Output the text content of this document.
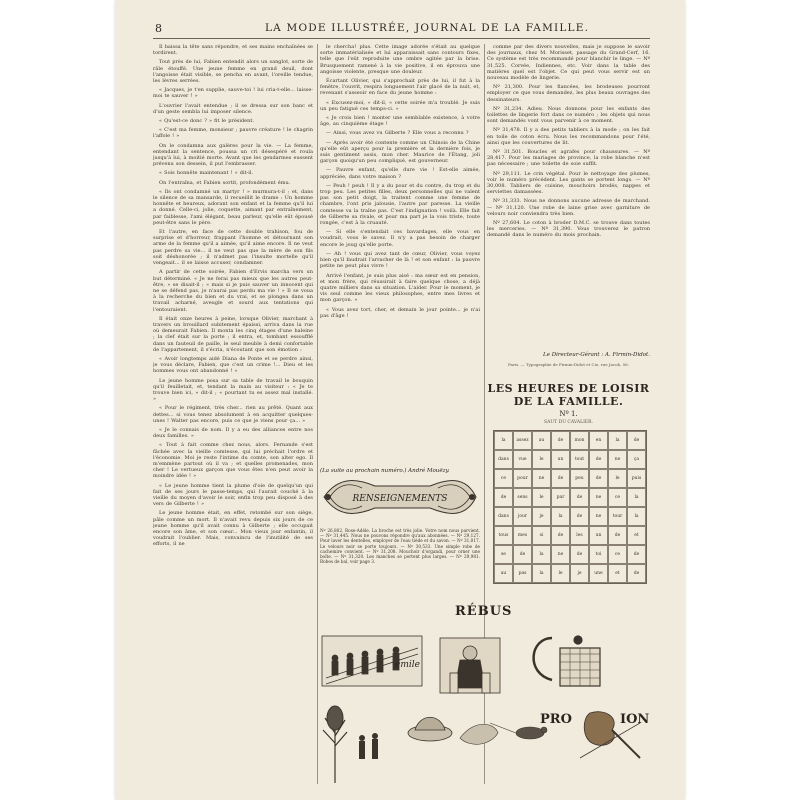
8	LA MODE ILLUSTRÉE, JOURNAL DE LA FAMILLE.

Il baissa la tête sans répondre, et ses mains enchaînées se tordirent.

Tout près de lui, Fabien entendit alors un sanglot, sorte de râle étouffé. Une jeune femme en grand deuil, dont l'angoisse était visible, se pencha en avant, l'oreille tendue, les lèvres serrées.

« Jacques, je t'en supplie, sauve-toi ! lui cria-t-elle... laisse-moi te sauver ! »

L'ouvrier l'avait entendue ; il se dressa sur son banc et d'un geste sembla lui imposer silence.

« Qu'est-ce donc ? » fit le président.

« C'est ma femme, monsieur ; pauvre créature ! le chagrin l'affole ! »

On le condamna aux galères pour la vie. — La femme, entendant la sentence, poussa un cri désespéré et roula jusqu'à lui, à moitié morte. Avant que les gendarmes eussent prévenu son dessein, il put l'embrasser.

« Sois honnête maintenant ! » dit-il.

On l'entraîna, et Fabien sortit, profondément ému.

« Ils ont condamné un martyr ! » murmura-t-il ; et, dans le silence de sa mansarde, il recueillit le drame : Un homme honnête et heureux, adorant son enfant et la femme qu'il lui a donné. Celle-ci, jolie, coquette, aimant par entraînement, par faiblesse, l'ami élégant, beau parleur, qu'elle eût épousé peut-être sans le père.

Et l'autre, en face de cette double trahison, fou de surprise et d'horreur, frappant l'homme et détournant son arme de la femme qu'il a aimée, qu'il aime encore. Il ne veut pas perdre sa vie... il ne veut pas que la mère de son fils soit déshonorée ; il n'admet pas l'insulte mortelle qu'il vengeait... il se laisse accuser, condamner.

A partir de cette soirée, Fabien d'Ervis marcha vers un but déterminé. « Je ne ferai pas mieux que les autres peut-être, » se disait-il ; « mais si je puis sauver un innocent qui ne se défend pas, je n'aurai pas perdu ma vie ! » Il se voua à la recherche du bien et du vrai, et se plongea dans un travail acharné, aveugle et sourd aux tentations qui l'entouraient.

Il était onze heures à peine, lorsque Olivier, marchant à travers un brouillard subitement épaissi, arriva dans la rue où demeurait Fabien. Il monta les cinq étages d'une haleine ; la clef était sur la porte ; il entra, et, tombant essoufflé dans un fauteuil de paille, le seul meuble à demi confortable de l'appartement, il s'écria, n'écoutant que son émotion :

« Avoir longtemps aidé Diana de Ponte et se perdre ainsi, je vous déclare, Fabien, que c'est un crime !... Dieu et les hommes vous ont abandonné ! »

Le jeune homme posa sur sa table de travail le bouquin qu'il feuilletait, et, tendant la main au visiteur : « Je te trouve bien ici, » dit-il ; « pourtant tu es assez mal installé. »

« Pour le régiment, très cher... rien au prêté. Quant aux dettes... si vous tenez absolument à en acquitter quelques-unes ! Walter pas encore, puis ce que je viens pour ça... »

« Je le connais de nom. Il y a eu des alliances entre nos deux familles. »

« Tout à fait comme chez nous, alors. Fernande s'est fâchée avec la vieille comtesse, qui lui préchait l'ordre et l'économie. Moi je reste l'intime du comte, son alter ego. Il m'emmène partout où il va ; et quelles promenades, mon cher ! Le vertueux garçon que vous êtes n'en peut avoir la moindre idée ! »

« Le jeune homme tient la plume d'oie de quelqu'un qui fait de ses jours le passe-temps, qui l'aurait couché à la vieille du moyen d'avoir le soir, enfin trop peu disposé à des vers de Gilberte ! »

Le jeune homme était, en effet, retombé sur son siège, pâle comme un mort. Il n'avait revu depuis six jours de ce jeune homme qu'il avait connu à Gilberte ; elle occupait encore son âme, et son cœur... Mon vieux jour enfantin, il voudrait l'oublier. Mais, convaincu de l'inutilité de ses efforts, il ne

le chercha! plus. Cette image adorée s'était au quelque sorte immatérialisée et lui apparaissait sans contours fixes, telle que l'eût reproduite une ombre agitée par la brise. Brusquement ramené à la vie positive, il en éprouva une angoisse violente, presque une douleur.

Écartant Olivier, qui s'approchait près de lui, il fut à la fenêtre, l'ouvrit, respira longuement l'air glacé de la nuit, et, revenant s'asseoir en face du jeune homme :

« Excusez-moi, » dit-il, « cette soirée m'a troublé. Je suis un peu fatigué ces temps-ci. »

« Je crois bien ! monter une semblable existence, à votre âge, au cinquième étage !

— Ainsi, vous avez vu Gilberte ? Elle vous a reconnu ?

— Après avoir été contente comme un Chinois de la Chine qu'elle eût aperçu pour la première et la dernière fois, je suis gentiment assis, mon cher. Maurice de l'Étang, joli garçon quoiqu'un peu compliqué, est gouverneur.

— Pauvre enfant, qu'elle dure vie ! Est-elle aimée, appréciée, dans votre maison ?

— Peuh ! peuh ! Il y a du pour et du contre, du trop et du trop peu. Les petites filles, deux personnelles qui ne valent pas son petit doigt, la traitent comme une femme de chambre, l'ont pris jalousie, l'autre par paresse. La vieille comtesse va la traîne pas. C'est l'indignation ! voilà. Elle fait de Gilberte sa rivale, et pour ma part je la vois triste, toute rongée, c'est à la cruauté.

— Si elle s'entendait ces bavardages, elle vous en voudrait, vous le savez. Il n'y a pas besoin de charger encore le joug qu'elle porte.

— Ah ! vous qui avez tant de cœur, Olivier, vous voyez bien qu'il faudrait l'arracher de là ! et son enfant : la pauvre petite ne peut plus vivre !

Arrivé l'enfant, je suis plus aisé : ma sœur est en pension, et mon frère, qui réussirait à faire quelque chose, a déjà quatre milliers dans sa situation. L'aider. Pour le moment, je vis seul comme les vieux philosophes, entre mes livres et mon garçon. »

« Vous avez tort, cher, et demain le jour pointe... je n'ai pas d'âge !

(La suite au prochain numéro.) André Mouëzy.

comme par des divers nouvelles, mais je suppose le savoir des journaux, chez M. Morisset, passage du Grand-Cerf, 16. Ce système est très recommandé pour blanchir le linge. — Nº 31,525. Corvée, Indiennes, etc. Voir dans la table des matières quel est l'objet. Ce qui peut vous servir est un nouveau modèle de lingerie.

Nº 21,300. Pour les fiancées, les brodeuses pourront employer ce que vous demandez, les plus beaux ouvrages des dessinateurs.

Nº 31,234. Adieu. Nous donnons pour les enfants des toilettes de lingerie fort dans ce numéro ; les objets qui nous sont demandés vont vous parvenir à ce moment.

Nº 31,478. Il y a des petits tabliers à la mode ; on les fait en toile de coton écru. Nous les recommandons pour l'été, ainsi que les couvertures de lit.

Nº 31,501. Boucles et agrafes pour chaussures. — Nº 28,417. Pour les mariages de province, la robe blanche n'est pas nécessaire ; une toilette de soie suffit.

Nº 29,111. Le crin végétal. Pour le nettoyage des plumes, voir le numéro précédent. Les gants se portent longs. — Nº 30,008. Tabliers de cuisine, mouchoirs brodés, nappes et serviettes damassées.

Nº 31,333. Nous ne donnons aucune adresse de marchand. — Nº 31,120. Une robe de laine grise avec garniture de velours noir conviendra très bien.

Nº 27,604. Le coton à broder D.M.C. se trouve dans toutes les merceries. — Nº 31,390. Vous trouverez le patron demandé dans le numéro du mois prochain.

Le Directeur-Gérant : A. Firmin-Didot.
Paris. — Typographie de Firmin-Didot et Cie, rue Jacob, 56.
LES HEURES DE LOISIR
DE LA FAMILLE.
Nº 1.
SAUT DU CAVALIER.
la	assez	au	de	mon	en	la	de
dans	vue	le	un	tout	de	ne	ça
ce	pour	ne	de	peu	de	le	puis
de	sens	le	par	de	ne	ce	la
dans	jour	je	la	de	ne	tour	la
tous	mes	si	de	les	un	de	et
se	de	la	ne	de	toi	ce	de
au	pas	la	le	je	une	et	de
RENSEIGNEMENTS
Nº 26,802, Rose-Adèle. La broche est très jolie. Votre nom nous parvient. — Nº 31,445. Nous ne pouvons répondre qu'aux abonnées. — Nº 29,127. Pour laver les dentelles, employer de l'eau tiède et du savon. — Nº 31,017. Le velours noir se porte toujours. — Nº 30,533. Une simple robe de cachemire convient. — Nº 31,208. Mouchoir d'organdi, pour orner une boîte. — Nº 31,320. Les manches se portent plus larges. — Nº 29,981. Robes de bal, voir page 3.
RÉBUS
émile
PRO	ION
